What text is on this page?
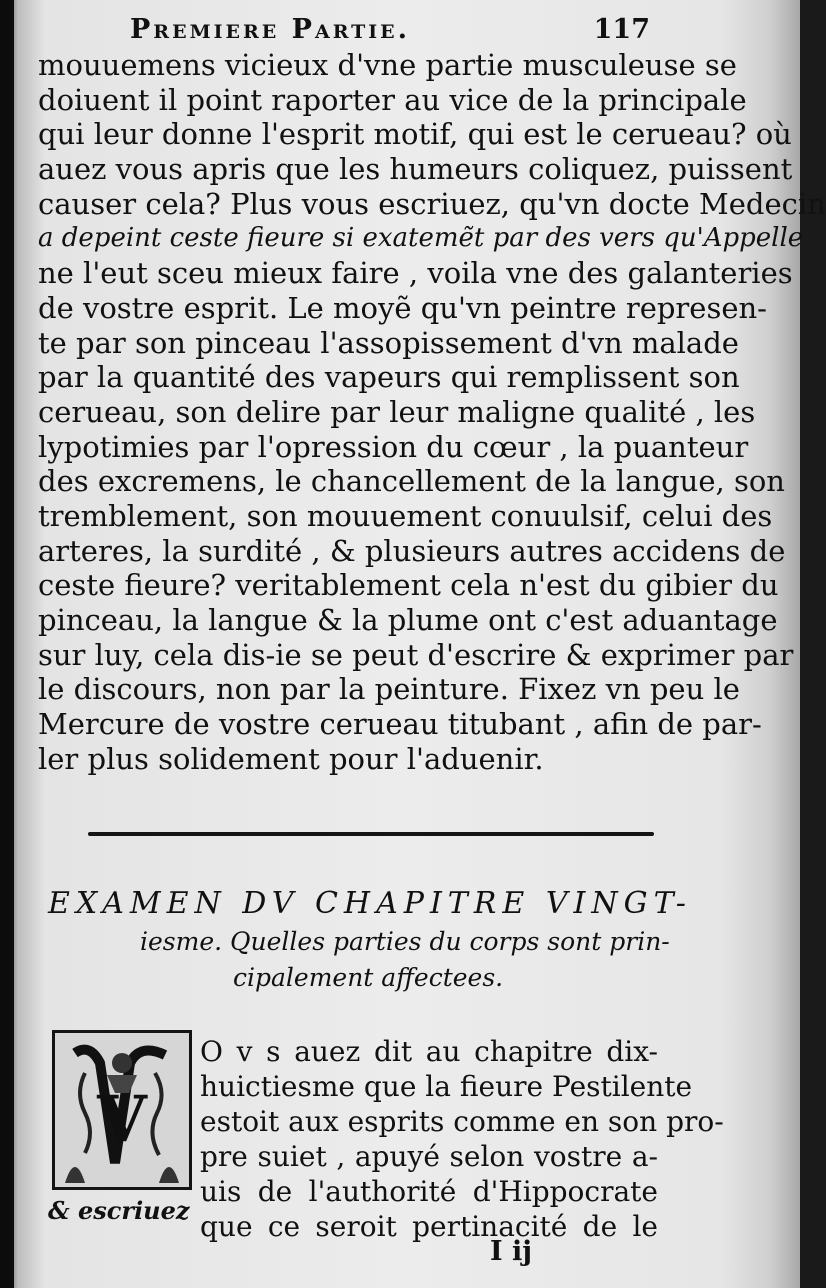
Premiere Partie.	117
mouuemens vicieux d'vne partie musculeuse se
doiuent il point raporter au vice de la principale
qui leur donne l'esprit motif, qui est le cerueau? où
auez vous apris que les humeurs coliquez, puissent
causer cela? Plus vous escriuez, qu'vn docte Medecin
a depeint ceste fieure si exatemẽt par des vers qu'Appelle
ne l'eut sceu mieux faire , voila vne des galanteries
de vostre esprit. Le moyẽ qu'vn peintre represen-
te par son pinceau l'assopissement d'vn malade
par la quantité des vapeurs qui remplissent son
cerueau, son delire par leur maligne qualité , les
lypotimies par l'opression du cœur , la puanteur
des excremens, le chancellement de la langue, son
tremblement, son mouuement conuulsif, celui des
arteres, la surdité , & plusieurs autres accidens de
ceste fieure? veritablement cela n'est du gibier du
pinceau, la langue & la plume ont c'est aduantage
sur luy, cela dis-ie se peut d'escrire & exprimer par
le discours, non par la peinture. Fixez vn peu le
Mercure de vostre cerueau titubant , afin de par-
ler plus solidement pour l'aduenir.
EXAMEN DV CHAPITRE VINGT-
iesme. Quelles parties du corps sont prin-
cipalement affectees.
V
O v s auez dit au chapitre dix-
huictiesme que la fieure Pestilente
estoit aux esprits comme en son pro-
pre suiet , apuyé selon vostre a-
uis de l'authorité d'Hippocrate
que ce seroit pertinacité de le
& escriuez
I ij
